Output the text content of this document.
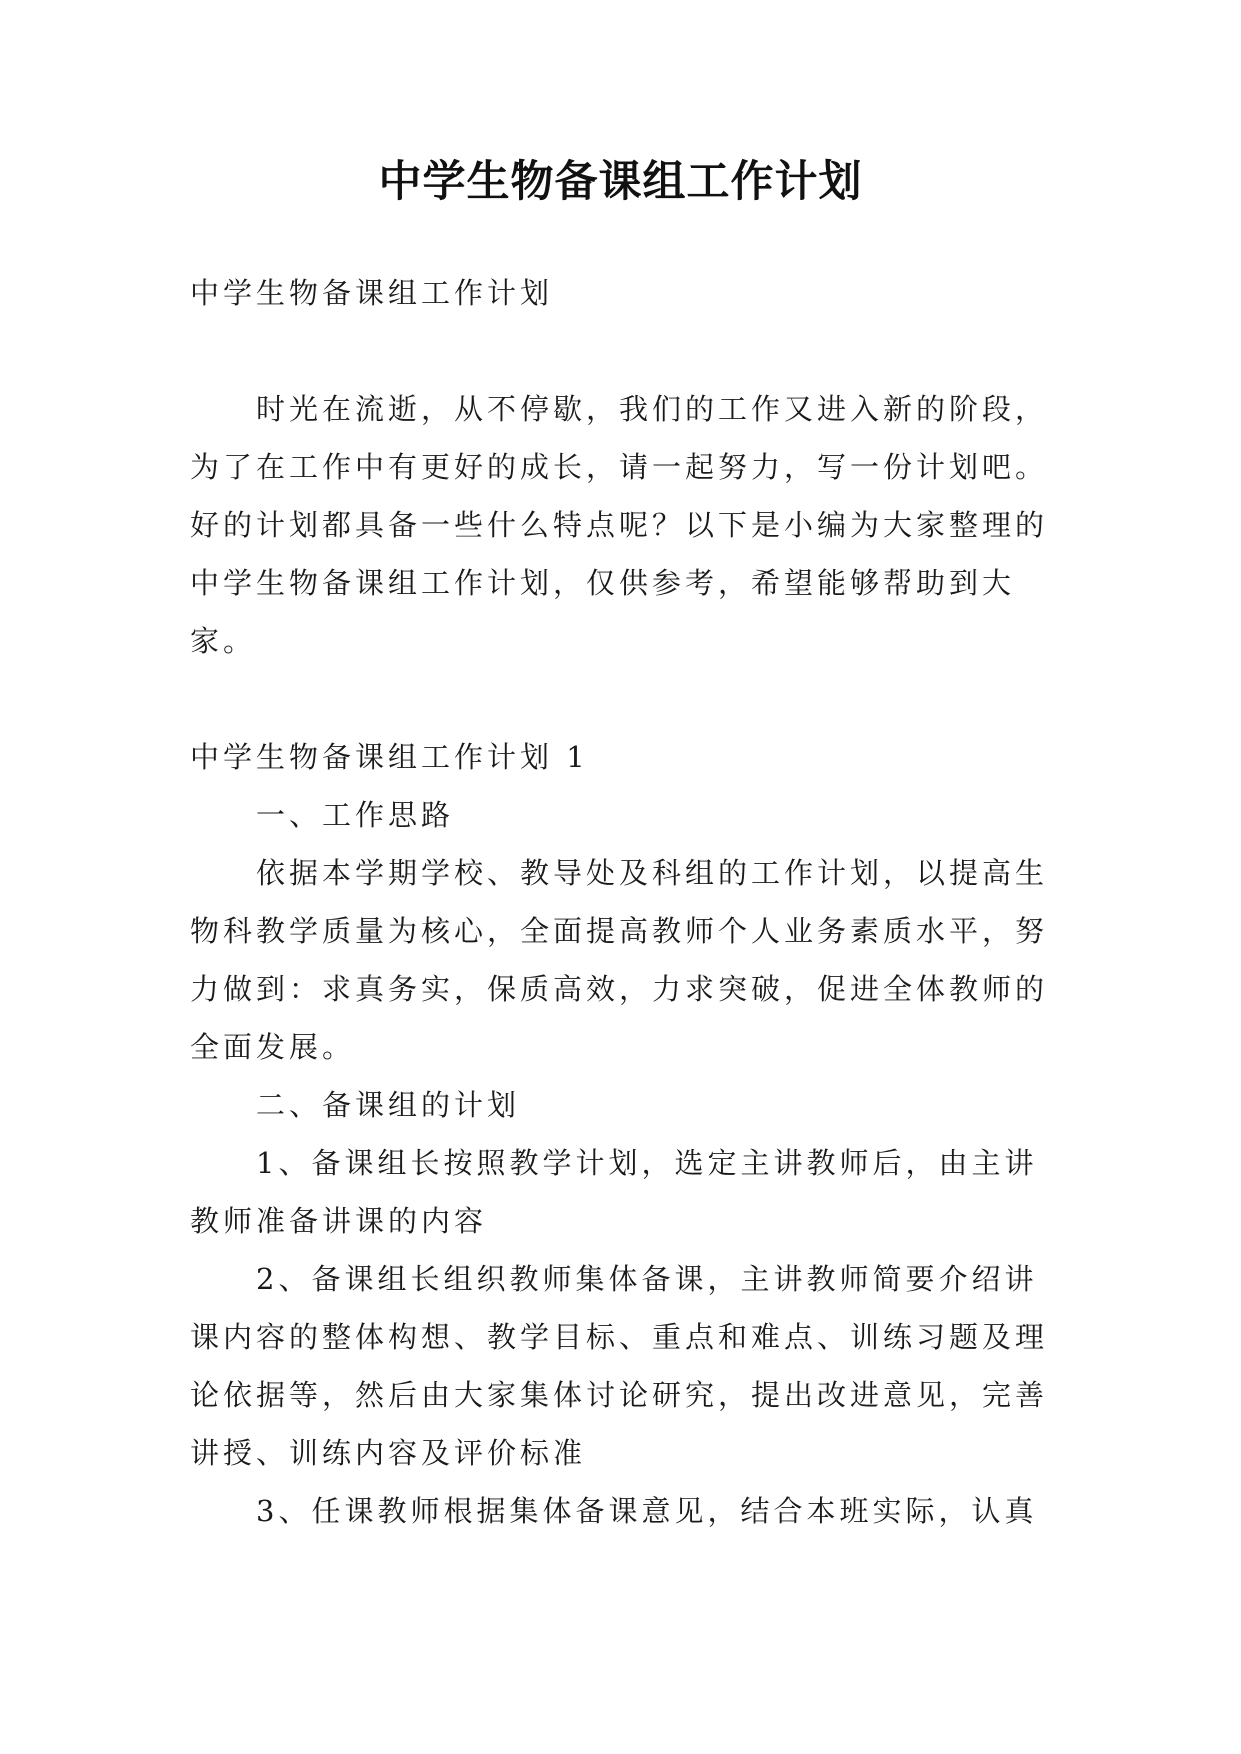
中学生物备课组工作计划

中学生物备课组工作计划

时光在流逝，从不停歇，我们的工作又进入新的阶段，为了在工作中有更好的成长，请一起努力，写一份计划吧。好的计划都具备一些什么特点呢？以下是小编为大家整理的中学生物备课组工作计划，仅供参考，希望能够帮助到大家。

中学生物备课组工作计划 1

一、工作思路

依据本学期学校、教导处及科组的工作计划，以提高生物科教学质量为核心，全面提高教师个人业务素质水平，努力做到：求真务实，保质高效，力求突破，促进全体教师的全面发展。

二、备课组的计划

1、备课组长按照教学计划，选定主讲教师后，由主讲教师准备讲课的内容

2、备课组长组织教师集体备课，主讲教师简要介绍讲课内容的整体构想、教学目标、重点和难点、训练习题及理论依据等，然后由大家集体讨论研究，提出改进意见，完善讲授、训练内容及评价标准

3、任课教师根据集体备课意见，结合本班实际，认真
